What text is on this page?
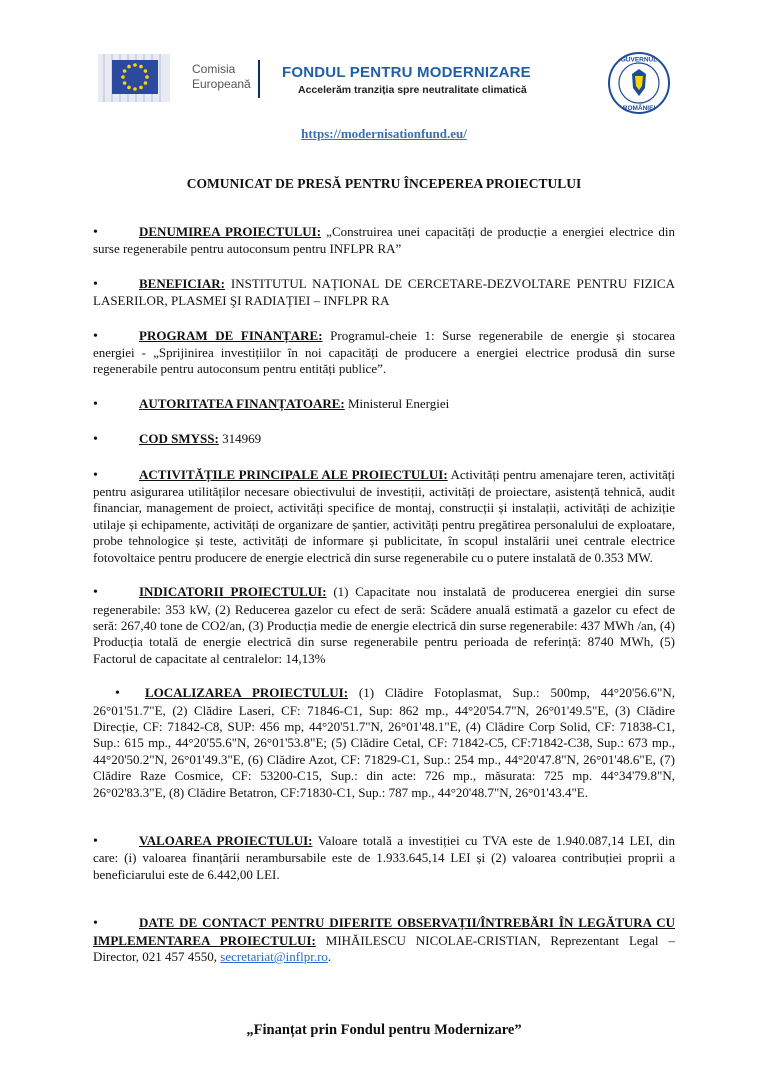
Comisia
Europeană
FONDUL PENTRU MODERNIZARE
Accelerăm tranziția spre neutralitate climatică
GUVERNUL
ROMÂNIEI
https://modernisationfund.eu/
COMUNICAT DE PRESĂ PENTRU ÎNCEPEREA PROIECTULUI

•DENUMIREA PROIECTULUI: „Construirea unei capacități de producție a energiei electrice din surse regenerabile pentru autoconsum pentru INFLPR RA”

•BENEFICIAR: INSTITUTUL NAȚIONAL DE CERCETARE-DEZVOLTARE PENTRU FIZICA LASERILOR, PLASMEI ŞI RADIAȚIEI – INFLPR RA

•PROGRAM DE FINANȚARE: Programul-cheie 1: Surse regenerabile de energie și stocarea energiei - „Sprijinirea investițiilor în noi capacități de producere a energiei electrice produsă din surse regenerabile pentru autoconsum pentru entități publice”.

•AUTORITATEA FINANȚATOARE: Ministerul Energiei

•COD SMYSS: 314969

•ACTIVITĂȚILE PRINCIPALE ALE PROIECTULUI: Activități pentru amenajare teren, activități pentru asigurarea utilităților necesare obiectivului de investiții, activități de proiectare, asistență tehnică, audit financiar, management de proiect, activități specifice de montaj, construcții și instalații, activități de achiziție utilaje și echipamente, activități de organizare de șantier, activități pentru pregătirea personalului de exploatare, probe tehnologice și teste, activități de informare și publicitate, în scopul instalării unei centrale electrice fotovoltaice pentru producere de energie electrică din surse regenerabile cu o putere instalată de 0.353 MW.

•INDICATORII PROIECTULUI: (1) Capacitate nou instalată de producerea energiei din surse regenerabile: 353 kW, (2) Reducerea gazelor cu efect de seră: Scădere anuală estimată a gazelor cu efect de seră: 267,40 tone de CO2/an, (3) Producția medie de energie electrică din surse regenerabile: 437 MWh /an, (4) Producția totală de energie electrică din surse regenerabile pentru perioada de referință: 8740 MWh, (5) Factorul de capacitate al centralelor: 14,13%

•LOCALIZAREA PROIECTULUI: (1) Clădire Fotoplasmat, Sup.: 500mp, 44°20'56.6"N, 26°01'51.7"E, (2) Clădire Laseri, CF: 71846-C1, Sup: 862 mp., 44°20'54.7"N, 26°01'49.5"E, (3) Clădire Direcție, CF: 71842-C8, SUP: 456 mp, 44°20'51.7"N, 26°01'48.1"E, (4) Clădire Corp Solid, CF: 71838-C1, Sup.: 615 mp., 44°20'55.6"N, 26°01'53.8"E; (5) Clădire Cetal, CF: 71842-C5, CF:71842-C38, Sup.: 673 mp., 44°20'50.2"N, 26°01'49.3"E, (6) Clădire Azot, CF: 71829-C1, Sup.: 254 mp., 44°20'47.8"N, 26°01'48.6"E, (7) Clădire Raze Cosmice, CF: 53200-C15, Sup.: din acte: 726 mp., măsurata: 725 mp. 44°34'79.8"N, 26°02'83.3"E, (8) Clădire Betatron, CF:71830-C1, Sup.: 787 mp., 44°20'48.7"N, 26°01'43.4"E.

•VALOAREA PROIECTULUI: Valoare totală a investiției cu TVA este de 1.940.087,14 LEI, din care: (i) valoarea finanțării nerambursabile este de 1.933.645,14 LEI și (2) valoarea contribuției proprii a beneficiarului este de 6.442,00 LEI.

•DATE DE CONTACT PENTRU DIFERITE OBSERVAȚII/ÎNTREBĂRI ÎN LEGĂTURA CU IMPLEMENTAREA PROIECTULUI: MIHĂILESCU NICOLAE-CRISTIAN, Reprezentant Legal – Director, 021 457 4550, secretariat@inflpr.ro.

„Finanțat prin Fondul pentru Modernizare”
